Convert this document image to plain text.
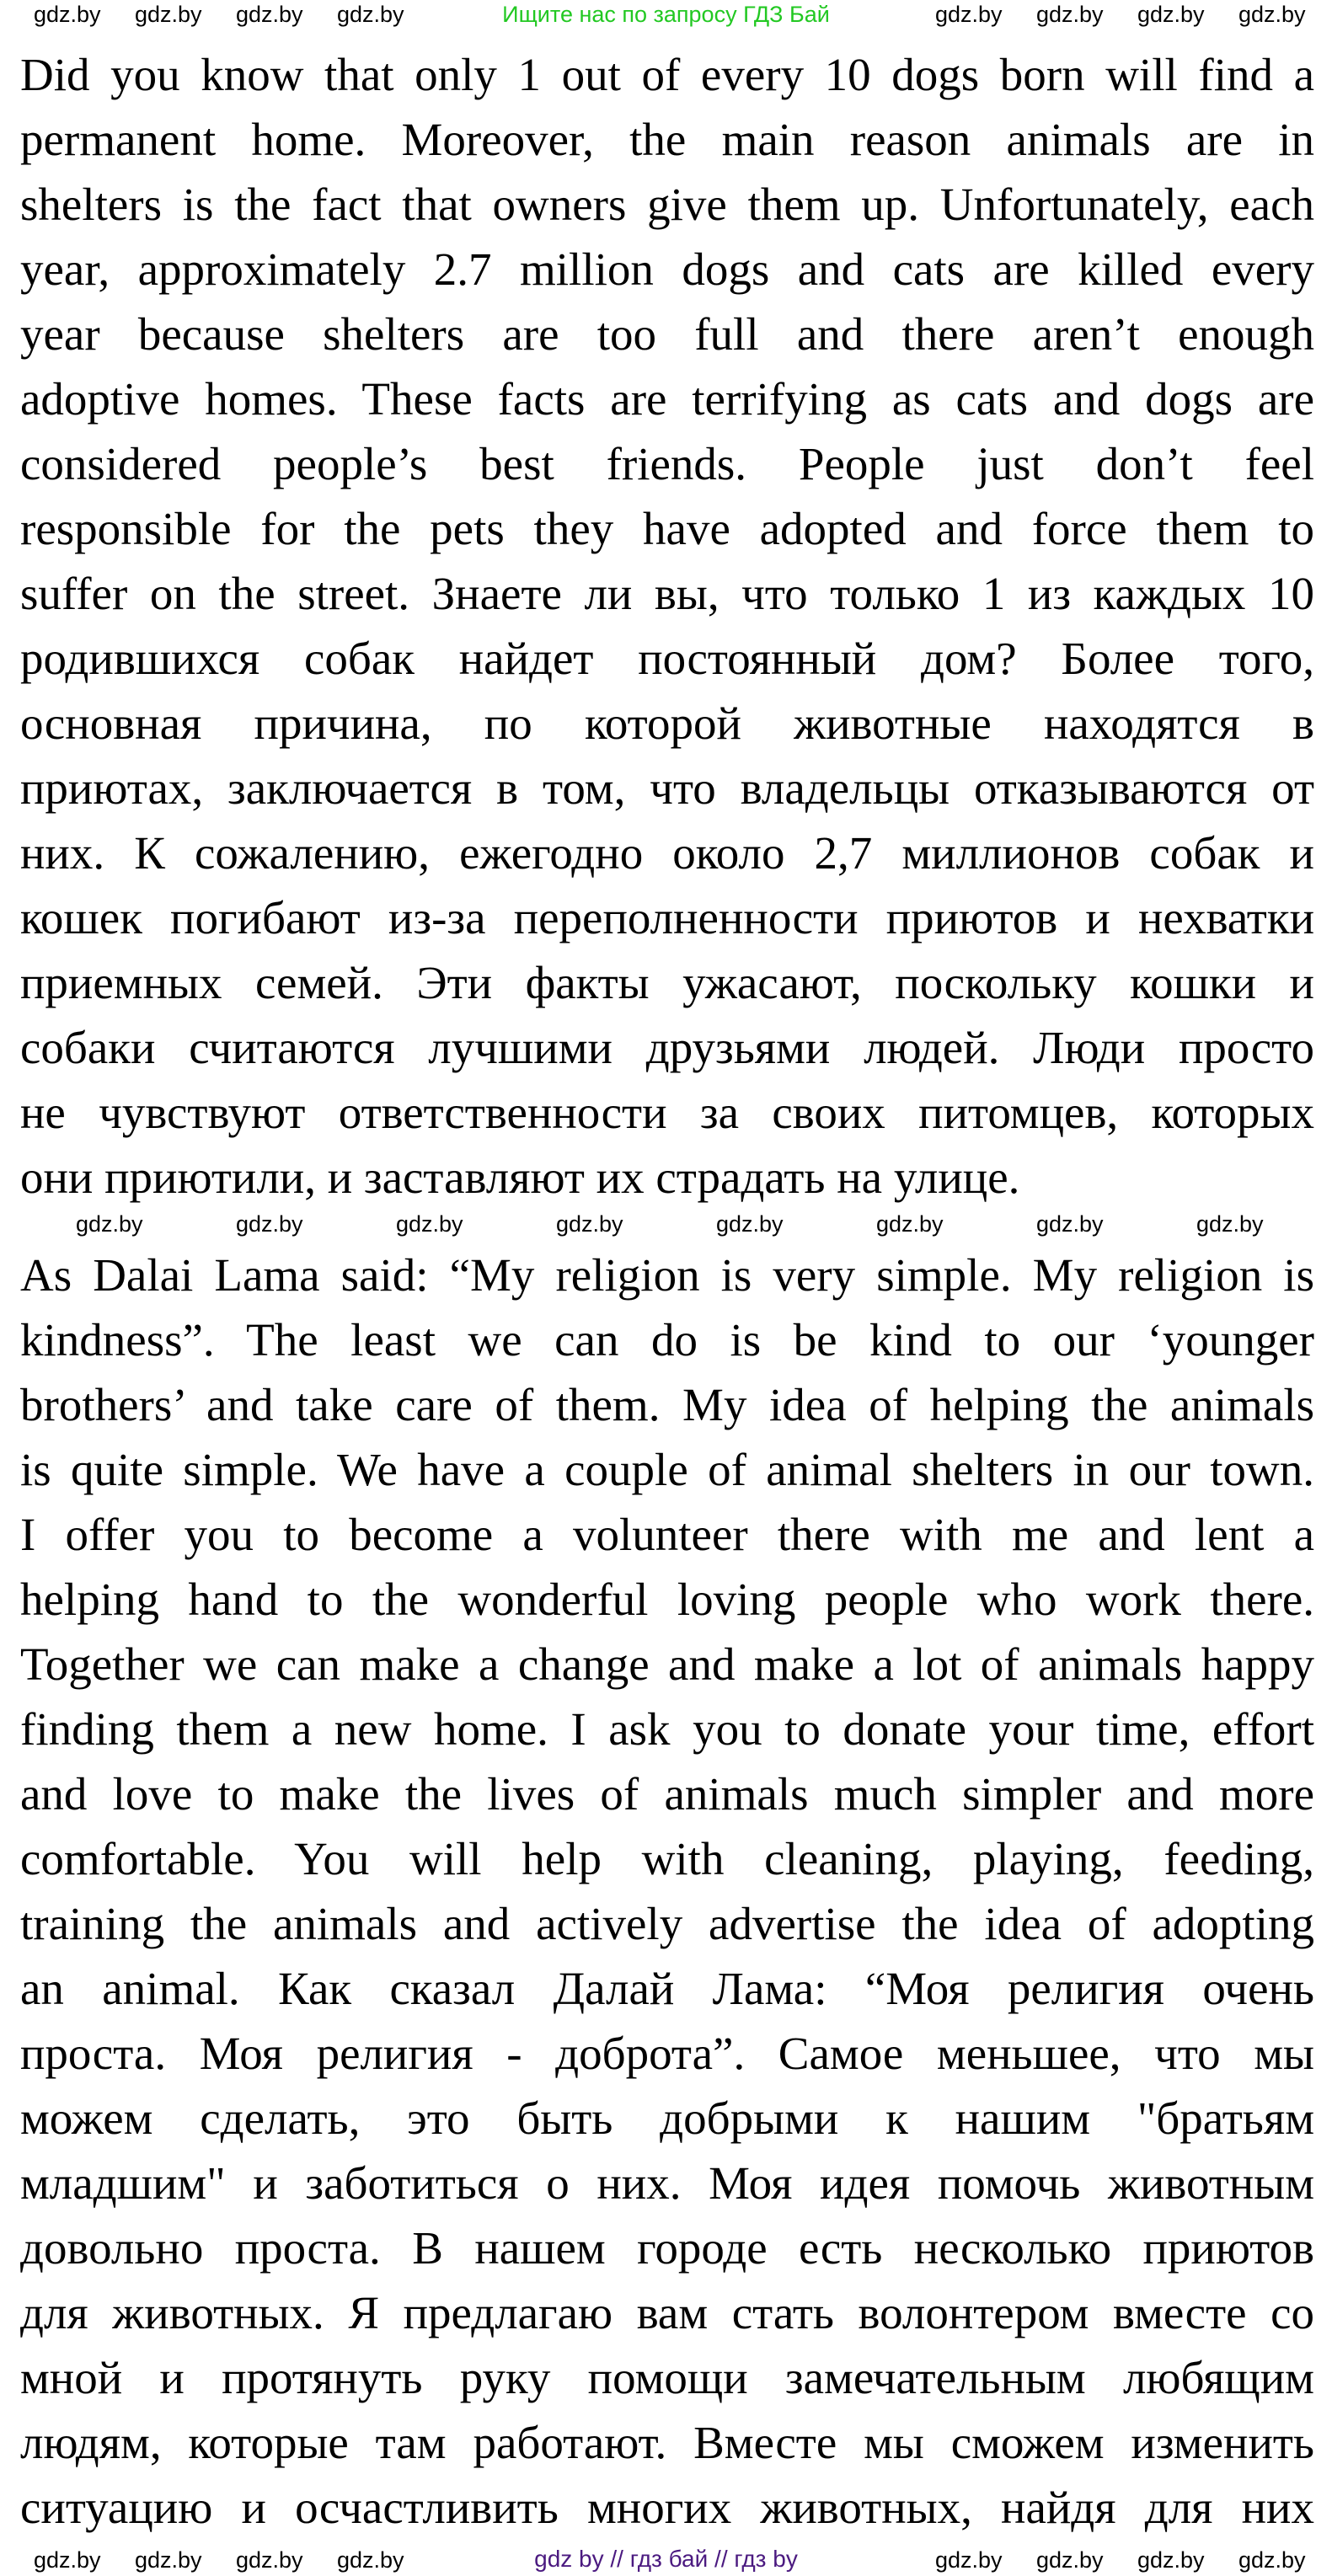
Ищите нас по запросу ГДЗ Бай
Did you know that only 1 out of every 10 dogs born will find a
permanent home. Moreover, the main reason animals are in
shelters is the fact that owners give them up. Unfortunately, each
year, approximately 2.7 million dogs and cats are killed every
year because shelters are too full and there aren’t enough
adoptive homes. These facts are terrifying as cats and dogs are
considered people’s best friends. People just don’t feel
responsible for the pets they have adopted and force them to
suffer on the street. Знаете ли вы, что только 1 из каждых 10
родившихся собак найдет постоянный дом? Более того,
основная причина, по которой животные находятся в
приютах, заключается в том, что владельцы отказываются от
них. К сожалению, ежегодно около 2,7 миллионов собак и
кошек погибают из-за переполненности приютов и нехватки
приемных семей. Эти факты ужасают, поскольку кошки и
собаки считаются лучшими друзьями людей. Люди просто
не чувствуют ответственности за своих питомцев, которых
они приютили, и заставляют их страдать на улице.
As Dalai Lama said: “My religion is very simple. My religion is
kindness”. The least we can do is be kind to our ‘younger
brothers’ and take care of them. My idea of helping the animals
is quite simple. We have a couple of animal shelters in our town.
I offer you to become a volunteer there with me and lent a
helping hand to the wonderful loving people who work there.
Together we can make a change and make a lot of animals happy
finding them a new home. I ask you to donate your time, effort
and love to make the lives of animals much simpler and more
comfortable. You will help with cleaning, playing, feeding,
training the animals and actively advertise the idea of adopting
an animal. Как сказал Далай Лама: “Моя религия очень
проста. Моя религия - доброта”. Самое меньшее, что мы
можем сделать, это быть добрыми к нашим "братьям
младшим" и заботиться о них. Моя идея помочь животным
довольно проста. В нашем городе есть несколько приютов
для животных. Я предлагаю вам стать волонтером вместе со
мной и протянуть руку помощи замечательным любящим
людям, которые там работают. Вместе мы сможем изменить
ситуацию и осчастливить многих животных, найдя для них
gdz.by gdz.by gdz.by gdz.by	gdz.by gdz.by gdz.by gdz.by
gdz.by	gdz.by	gdz.by	gdz.by	gdz.by	gdz.by	gdz.by	gdz.by
gdz.by gdz.by gdz.by gdz.by	gdz.by gdz.by gdz.by gdz.by
gdz by // гдз бай // гдз by
